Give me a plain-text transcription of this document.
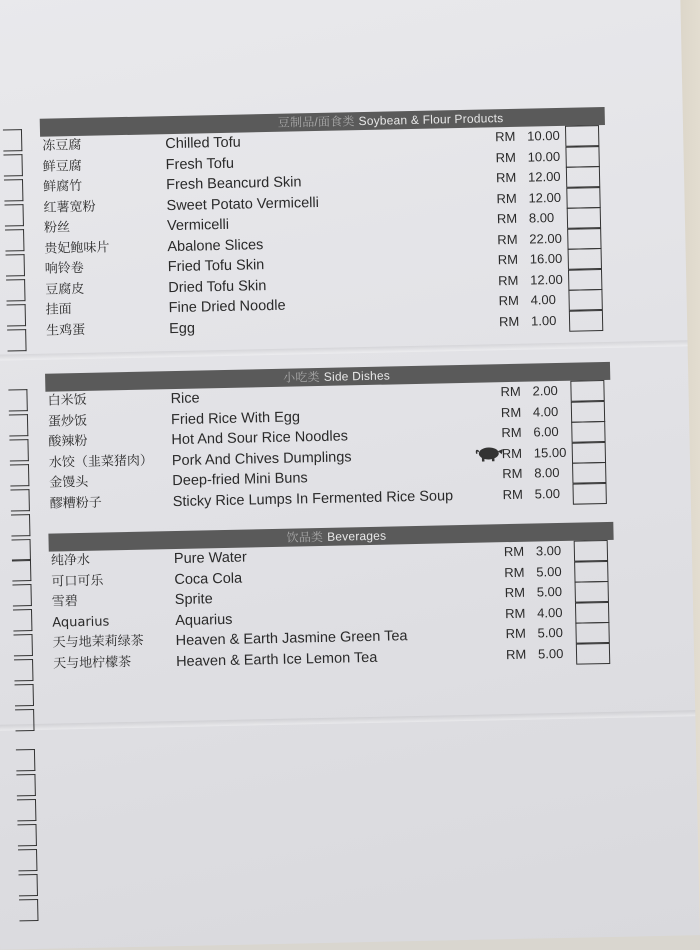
豆制品/面食类 Soybean & Flour Products
冻豆腐	Chilled Tofu	RM 10.00
鲜豆腐	Fresh Tofu	RM 10.00
鲜腐竹	Fresh Beancurd Skin	RM 12.00
红薯宽粉	Sweet Potato Vermicelli	RM 12.00
粉丝	Vermicelli	RM 8.00
贵妃鲍味片	Abalone Slices	RM 22.00
响铃卷	Fried Tofu Skin	RM 16.00
豆腐皮	Dried Tofu Skin	RM 12.00
挂面	Fine Dried Noodle	RM 4.00
生鸡蛋	Egg	RM 1.00
小吃类 Side Dishes
白米饭	Rice	RM 2.00
蛋炒饭	Fried Rice With Egg	RM 4.00
酸辣粉	Hot And Sour Rice Noodles	RM 6.00
水饺（韭菜猪肉） Pork And Chives Dumplings	RM 15.00
金馒头	Deep-fried Mini Buns	RM 8.00
醪糟粉子	Sticky Rice Lumps In Fermented Rice Soup	RM 5.00
饮品类 Beverages
纯净水	Pure Water	RM 3.00
可口可乐	Coca Cola	RM 5.00
雪碧	Sprite	RM 5.00
Aquarius	Aquarius	RM 4.00
天与地茉莉绿茶 Heaven & Earth Jasmine Green Tea	RM 5.00
天与地柠檬茶	Heaven & Earth Ice Lemon Tea	RM 5.00
